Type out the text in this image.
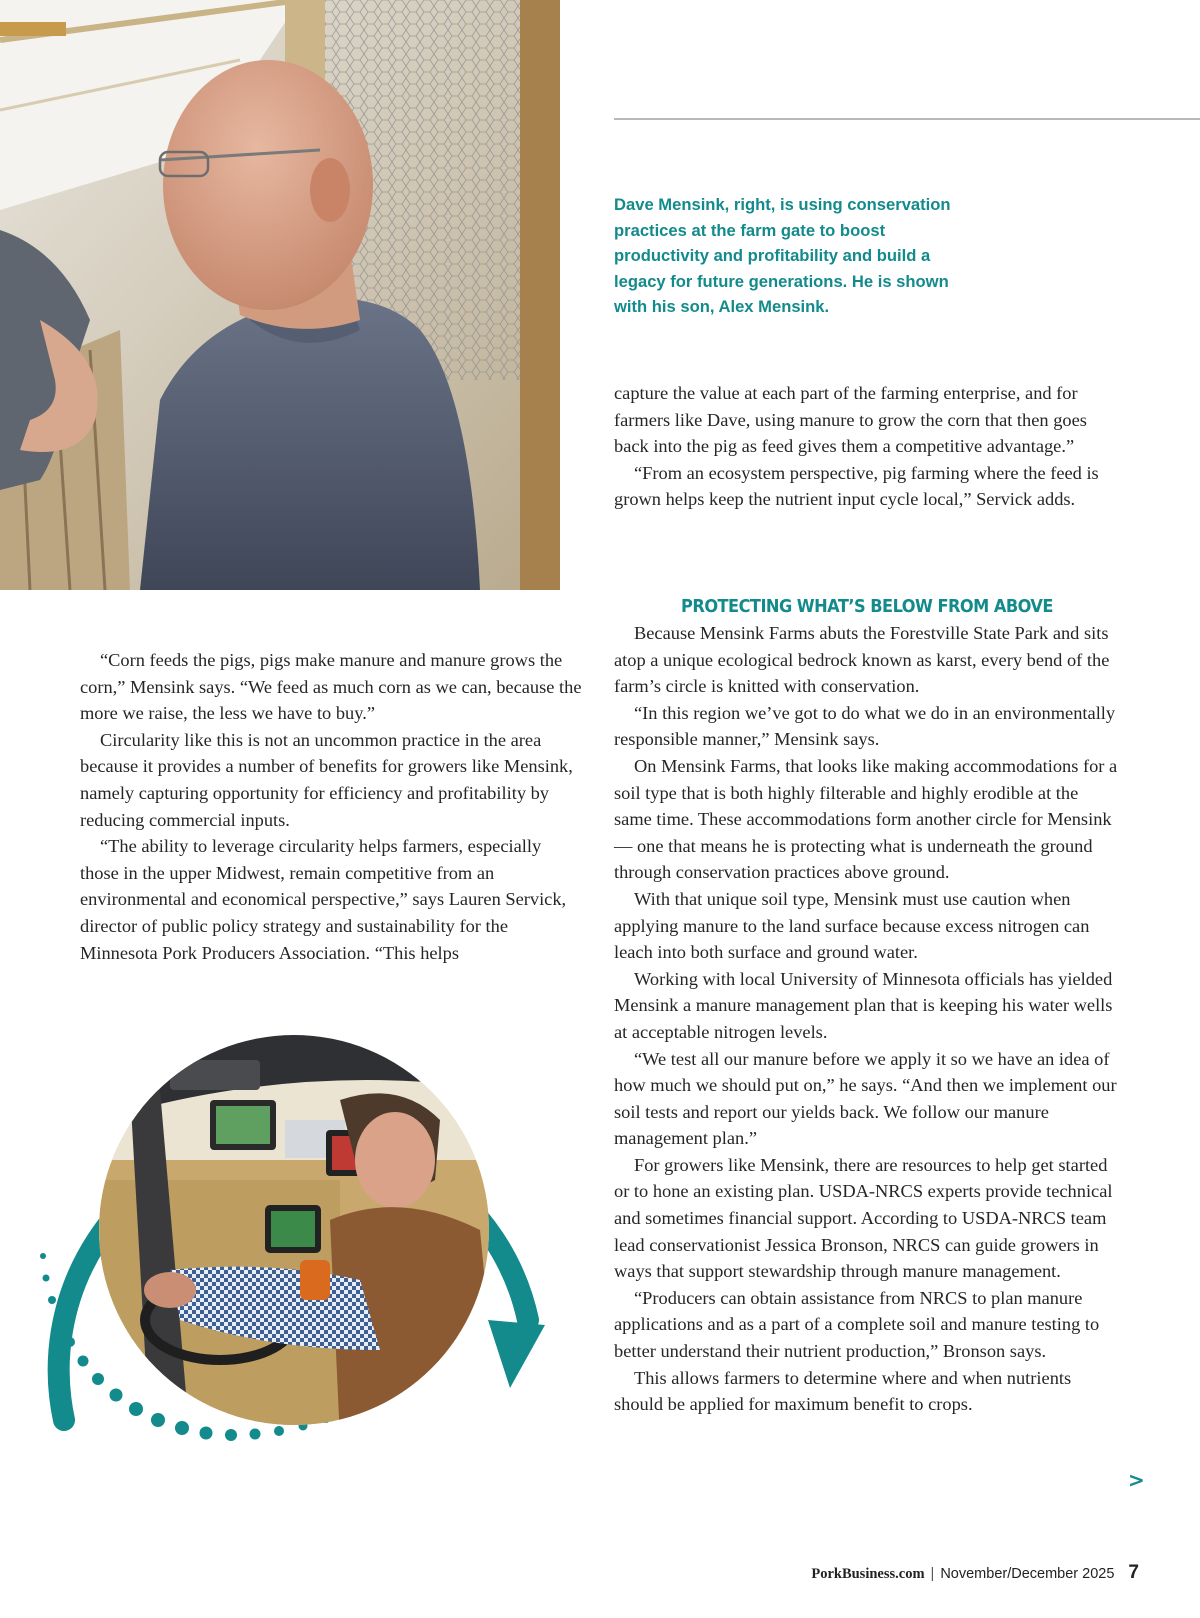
Dave Mensink, right, is using conservation practices at the farm gate to boost productivity and profitability and build a legacy for future generations. He is shown with his son, Alex Mensink.

capture the value at each part of the farming enterprise, and for farmers like Dave, using manure to grow the corn that then goes back into the pig as feed gives them a competitive advantage.”

“From an ecosystem perspective, pig farming where the feed is grown helps keep the nutrient input cycle local,” Servick adds.

PROTECTING WHAT’S BELOW FROM ABOVE

Because Mensink Farms abuts the Forestville State Park and sits atop a unique ecological bedrock known as karst, every bend of the farm’s circle is knitted with conservation.

“In this region we’ve got to do what we do in an environmentally responsible manner,” Mensink says.

On Mensink Farms, that looks like making accommodations for a soil type that is both highly filterable and highly erodible at the same time. These accommodations form another circle for Mensink — one that means he is protecting what is underneath the ground through conservation practices above ground.

With that unique soil type, Mensink must use caution when applying manure to the land surface because excess nitrogen can leach into both surface and ground water.

Working with local University of Minnesota officials has yielded Mensink a manure management plan that is keeping his water wells at acceptable nitrogen levels.

“We test all our manure before we apply it so we have an idea of how much we should put on,” he says. “And then we implement our soil tests and report our yields back. We follow our manure management plan.”

For growers like Mensink, there are resources to help get started or to hone an existing plan. USDA-NRCS experts provide technical and sometimes financial support. According to USDA-NRCS team lead conservationist Jessica Bronson, NRCS can guide growers in ways that support stewardship through manure management.

“Producers can obtain assistance from NRCS to plan manure applications and as a part of a complete soil and manure testing to better understand their nutrient production,” Bronson says.

This allows farmers to determine where and when nutrients should be applied for maximum benefit to crops.

“Corn feeds the pigs, pigs make manure and manure grows the corn,” Mensink says. “We feed as much corn as we can, because the more we raise, the less we have to buy.”

Circularity like this is not an uncommon practice in the area because it provides a number of benefits for growers like Mensink, namely capturing opportunity for efficiency and profitability by reducing commercial inputs.

“The ability to leverage circularity helps farmers, especially those in the upper Midwest, remain competitive from an environmental and economical perspective,” says Lauren Servick, director of public policy strategy and sustainability for the Minnesota Pork Producers Association. “This helps

>
PorkBusiness.com | November/December 2025 7
